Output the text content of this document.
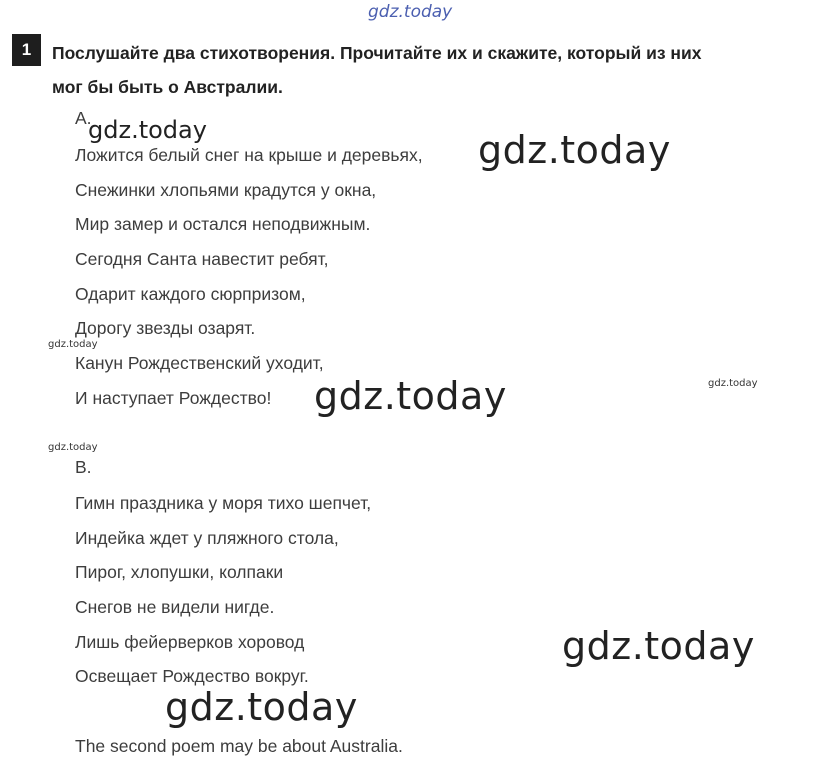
gdz.today
1	Послушайте два стихотворения. Прочитайте их и скажите, который из них
мог бы быть о Австралии.
A.
gdz.today
Ложится белый снег на крыше и деревьях, gdz.today
Снежинки хлопьями крадутся у окна,
Мир замер и остался неподвижным.
Сегодня Санта навестит ребят,
Одарит каждого сюрпризом,
Дорогу звезды озарят.
gdz.today
Канун Рождественский уходит,
И наступает Рождество! gdz.today	gdz.today
gdz.today
B.
Гимн праздника у моря тихо шепчет,
Индейка ждет у пляжного стола,
Пирог, хлопушки, колпаки
Снегов не видели нигде.
Лишь фейерверков хоровод	gdz.today
Освещает Рождество вокруг.
gdz.today
The second poem may be about Australia.
